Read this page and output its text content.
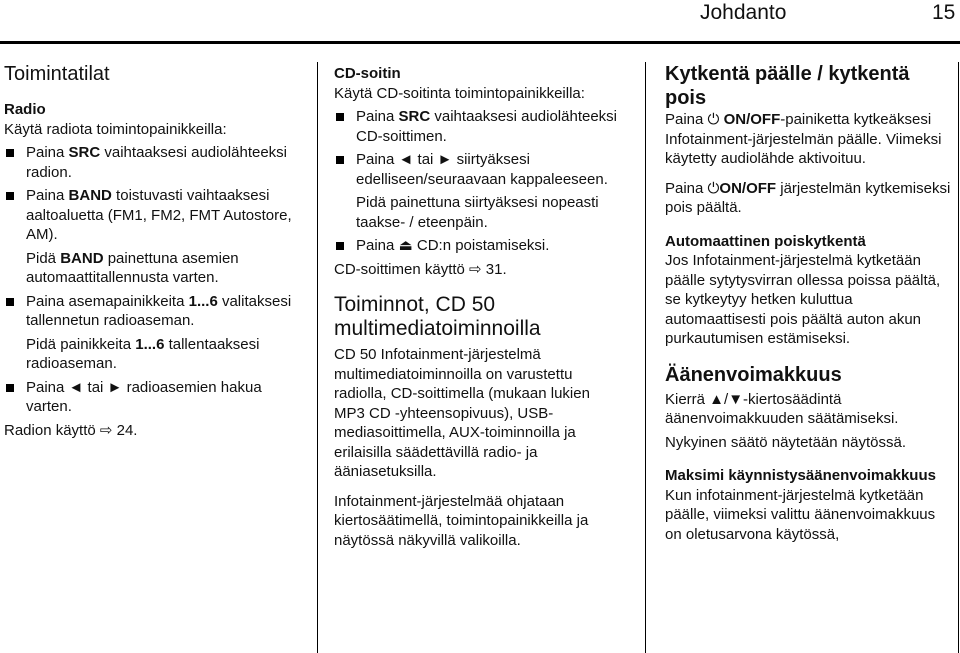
Johdanto	15
Toimintatilat
Radio

Käytä radiota toimintopainikkeilla:

Paina SRC vaihtaaksesi audiolähteeksi radion.
Paina BAND toistuvasti vaihtaaksesi aaltoaluetta (FM1, FM2, FMT Autostore, AM).

Pidä BAND painettuna asemien automaattitallennusta varten.

Paina asemapainikkeita 1...6 valitaksesi tallennetun radioaseman.

Pidä painikkeita 1...6 tallentaaksesi radioaseman.

Paina ◄ tai ► radioasemien hakua varten.

Radion käyttö ⇨ 24.

CD-soitin

Käytä CD-soitinta toimintopainikkeilla:

Paina SRC vaihtaaksesi audiolähteeksi CD-soittimen.
Paina ◄ tai ► siirtyäksesi edelliseen/seuraavaan kappaleeseen.

Pidä painettuna siirtyäksesi nopeasti taakse- / eteenpäin.

Paina ⏏ CD:n poistamiseksi.

CD-soittimen käyttö ⇨ 31.

Toiminnot, CD 50 multimediatoiminnoilla

CD 50 Infotainment-järjestelmä multimediatoiminnoilla on varustettu radiolla, CD-soittimella (mukaan lukien MP3 CD -yhteensopivuus), USB-mediasoittimella, AUX-toiminnoilla ja erilaisilla säädettävillä radio- ja ääniasetuksilla.

Infotainment-järjestelmää ohjataan kiertosäätimellä, toimintopainikkeilla ja näytössä näkyvillä valikoilla.

Kytkentä päälle / kytkentä pois

Paina ⏻ ON/OFF-painiketta kytkeäksesi Infotainment-järjestelmän päälle. Viimeksi käytetty audiolähde aktivoituu.

Paina ⏻ON/OFF järjestelmän kytkemiseksi pois päältä.

Automaattinen poiskytkentä

Jos Infotainment-järjestelmä kytketään päälle sytytysvirran ollessa poissa päältä, se kytkeytyy hetken kuluttua automaattisesti pois päältä auton akun purkautumisen estämiseksi.

Äänenvoimakkuus

Kierrä ▲/▼-kiertosäädintä äänenvoimakkuuden säätämiseksi.

Nykyinen säätö näytetään näytössä.

Maksimi käynnistysäänenvoimakkuus

Kun infotainment-järjestelmä kytketään päälle, viimeksi valittu äänenvoimakkuus on oletusarvona käytössä,
